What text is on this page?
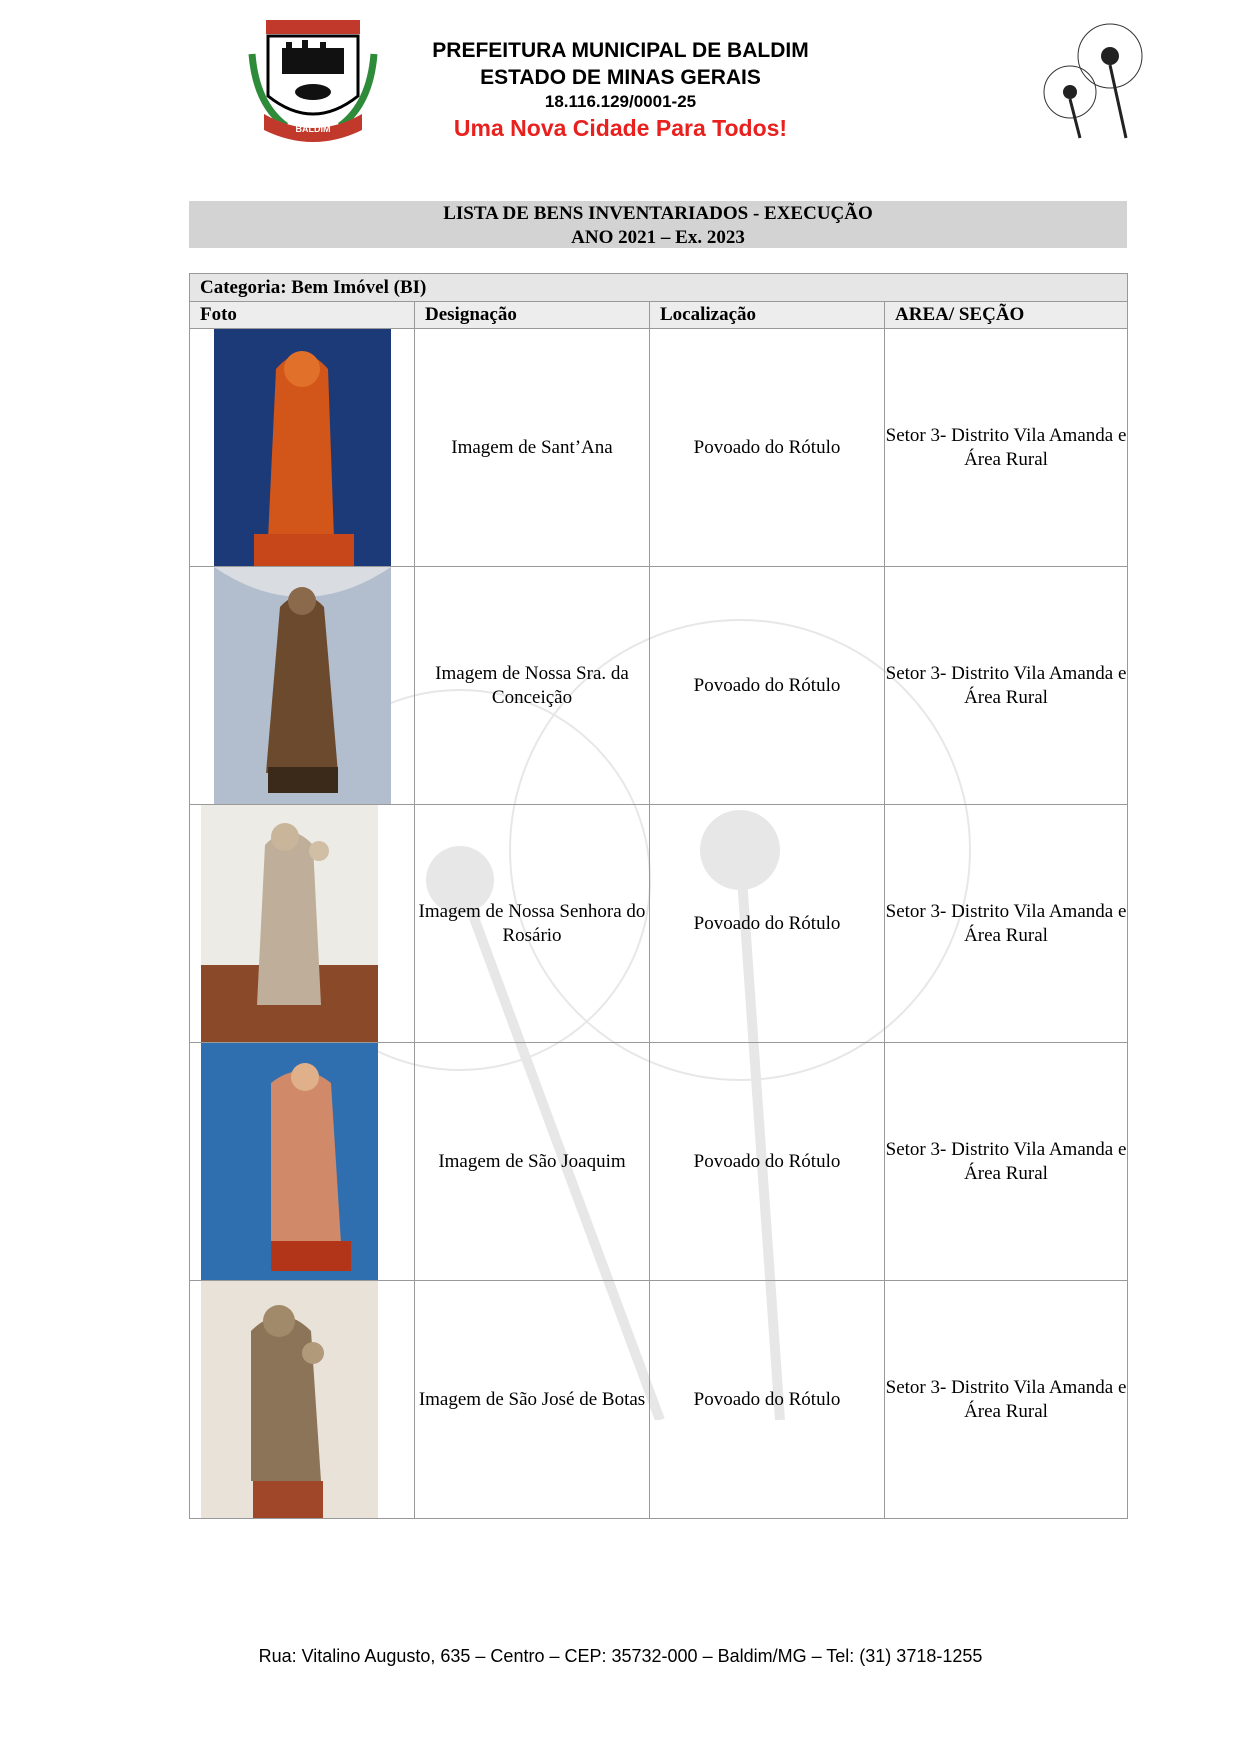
BALDIM
PREFEITURA MUNICIPAL DE BALDIM
ESTADO DE MINAS GERAIS
18.116.129/0001-25
Uma Nova Cidade Para Todos!
LISTA DE BENS INVENTARIADOS - EXECUÇÃO
ANO 2021 – Ex. 2023
Categoria: Bem Imóvel (BI)			
Foto	Designação	Localização	AREA/ SEÇÃO

	Imagem de Sant’Ana	Povoado do Rótulo	Setor 3- Distrito Vila Amanda e Área Rural

	Imagem de Nossa Sra. da Conceição	Povoado do Rótulo	Setor 3- Distrito Vila Amanda e Área Rural

	Imagem de Nossa Senhora do Rosário	Povoado do Rótulo	Setor 3- Distrito Vila Amanda e Área Rural

	Imagem de São Joaquim	Povoado do Rótulo	Setor 3- Distrito Vila Amanda e Área Rural

	Imagem de São José de Botas	Povoado do Rótulo	Setor 3- Distrito Vila Amanda e Área Rural
Rua: Vitalino Augusto, 635 – Centro – CEP: 35732-000 – Baldim/MG – Tel: (31) 3718-1255
